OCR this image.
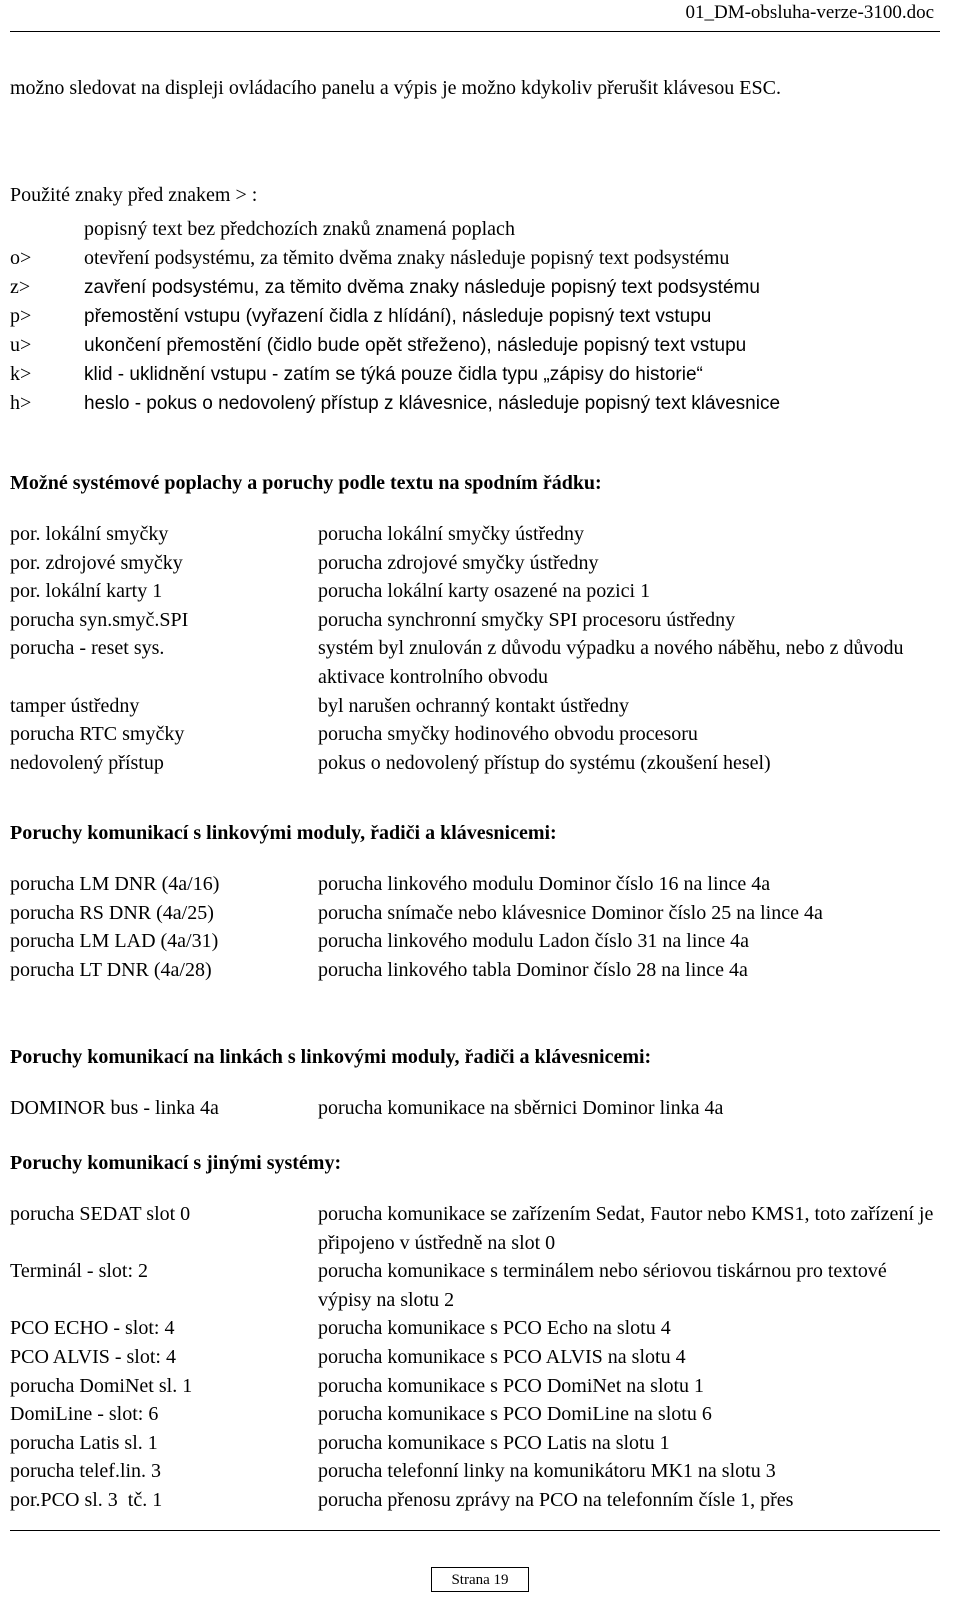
01_DM-obsluha-verze-3100.doc
možno sledovat na displeji ovládacího panelu a výpis je možno kdykoliv přerušit klávesou ESC.
Použité znaky před znakem > :
popisný text bez předchozích znaků znamená poplach
o>	otevření podsystému, za těmito dvěma znaky následuje popisný text podsystému
z>	zavření podsystému, za těmito dvěma znaky následuje popisný text podsystému
p>	přemostění vstupu (vyřazení čidla z hlídání), následuje popisný text vstupu
u>	ukončení přemostění (čidlo bude opět střeženo), následuje popisný text vstupu
k>	klid - uklidnění vstupu - zatím se týká pouze čidla typu „zápisy do historie“
h>	heslo - pokus o nedovolený přístup z klávesnice, následuje popisný text klávesnice
Možné systémové poplachy a poruchy podle textu na spodním řádku:
por. lokální smyčky	porucha lokální smyčky ústředny
por. zdrojové smyčky	porucha zdrojové smyčky ústředny
por. lokální karty 1	porucha lokální karty osazené na pozici 1
porucha syn.smyč.SPI	porucha synchronní smyčky SPI procesoru ústředny
porucha - reset sys.	systém byl znulován z důvodu výpadku a nového náběhu, nebo z důvodu aktivace kontrolního obvodu
tamper ústředny	byl narušen ochranný kontakt ústředny
porucha RTC smyčky	porucha smyčky hodinového obvodu procesoru
nedovolený přístup	pokus o nedovolený přístup do systému (zkoušení hesel)
Poruchy komunikací s linkovými moduly, řadiči a klávesnicemi:
porucha LM DNR (4a/16)	porucha linkového modulu Dominor číslo 16 na lince 4a
porucha RS DNR (4a/25)	porucha snímače nebo klávesnice Dominor číslo 25 na lince 4a
porucha LM LAD (4a/31)	porucha linkového modulu Ladon číslo 31 na lince 4a
porucha LT DNR (4a/28)	porucha linkového tabla Dominor číslo 28 na lince 4a
Poruchy komunikací na linkách s linkovými moduly, řadiči a klávesnicemi:
DOMINOR bus - linka 4a	porucha komunikace na sběrnici Dominor linka 4a
Poruchy komunikací s jinými systémy:
porucha SEDAT slot 0	porucha komunikace se zařízením Sedat, Fautor nebo KMS1, toto zařízení je připojeno v ústředně na slot 0
Terminál - slot: 2	porucha komunikace s terminálem nebo sériovou tiskárnou pro textové výpisy na slotu 2
PCO ECHO - slot: 4	porucha komunikace s PCO Echo na slotu 4
PCO ALVIS - slot: 4	porucha komunikace s PCO ALVIS na slotu 4
porucha DomiNet sl. 1	porucha komunikace s PCO DomiNet na slotu 1
DomiLine - slot: 6	porucha komunikace s PCO DomiLine na slotu 6
porucha Latis sl. 1	porucha komunikace s PCO Latis na slotu 1
porucha telef.lin. 3	porucha telefonní linky na komunikátoru MK1 na slotu 3
por.PCO sl. 3  tč. 1	porucha přenosu zprávy na PCO na telefonním čísle 1, přes
Strana 19
